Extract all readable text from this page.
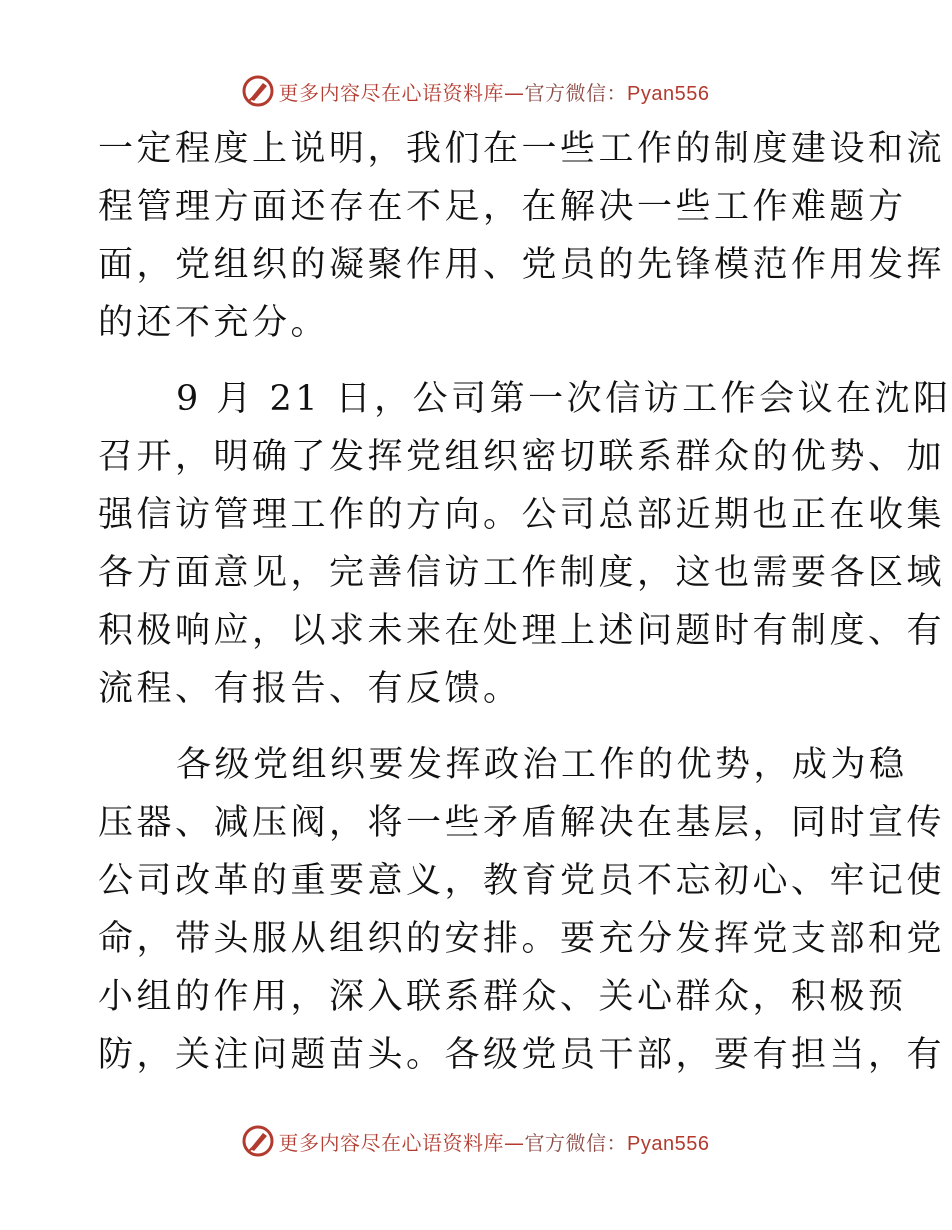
更多内容尽在心语资料库—官方微信：Pyan556
一定程度上说明，我们在一些工作的制度建设和流
程管理方面还存在不足，在解决一些工作难题方
面，党组织的凝聚作用、党员的先锋模范作用发挥
的还不充分。
9 月 21 日，公司第一次信访工作会议在沈阳
召开，明确了发挥党组织密切联系群众的优势、加
强信访管理工作的方向。公司总部近期也正在收集
各方面意见，完善信访工作制度，这也需要各区域
积极响应，以求未来在处理上述问题时有制度、有
流程、有报告、有反馈。
各级党组织要发挥政治工作的优势，成为稳
压器、减压阀，将一些矛盾解决在基层，同时宣传
公司改革的重要意义，教育党员不忘初心、牢记使
命，带头服从组织的安排。要充分发挥党支部和党
小组的作用，深入联系群众、关心群众，积极预
防，关注问题苗头。各级党员干部，要有担当，有
更多内容尽在心语资料库—官方微信：Pyan556
